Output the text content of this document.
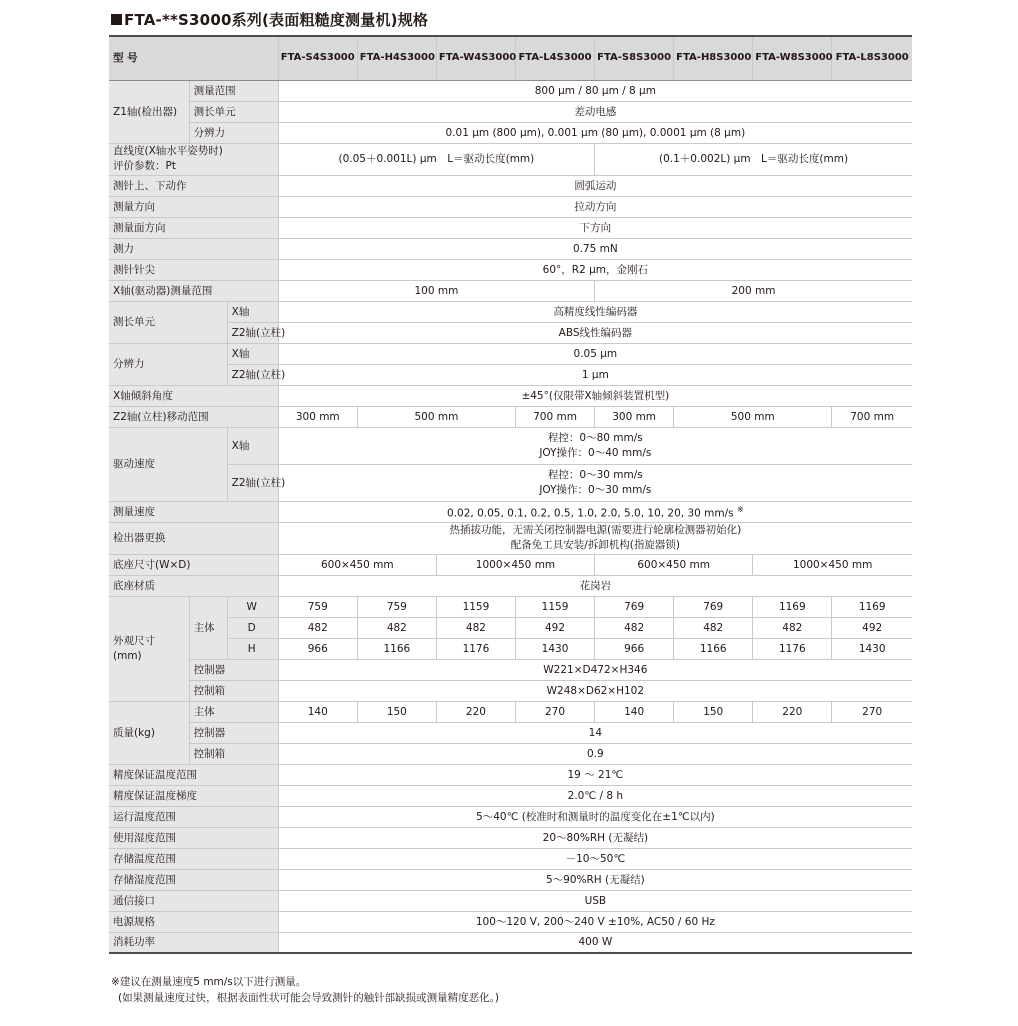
FTA-**S3000系列(表面粗糙度测量机)规格
型 号			FTA-S4S3000	FTA-H4S3000	FTA-W4S3000	FTA-L4S3000	FTA-S8S3000	FTA-H8S3000	FTA-W8S3000	FTA-L8S3000
Z1轴(检出器)	测量范围		800 μm / 80 μm / 8 μm							
	测长单元		差动电感							
	分辨力		0.01 μm (800 μm), 0.001 μm (80 μm), 0.0001 μm (8 μm)							

直线度(X轴水平姿势时)
评价参数：Pt			(0.05＋0.001L) μm　L＝驱动长度(mm)				(0.1＋0.002L) μm　L＝驱动长度(mm)			
测针上、下动作			圆弧运动							
测量方向			拉动方向							
测量面方向			下方向							
测力			0.75 mN							
测针针尖			60°，R2 μm，金刚石							
X轴(驱动器)测量范围			100 mm				200 mm			
测长单元		X轴	高精度线性编码器							
		Z2轴(立柱)	ABS线性编码器							
分辨力		X轴	0.05 μm							
		Z2轴(立柱)	1 μm							
X轴倾斜角度			±45°(仅限带X轴倾斜装置机型)							
Z2轴(立柱)移动范围			300 mm	500 mm		700 mm	300 mm	500 mm		700 mm
驱动速度		X轴	程控：0～80 mm/s
JOY操作：0～40 mm/s							

		Z2轴(立柱)	程控：0～30 mm/s
JOY操作：0～30 mm/s							

测量速度			0.02, 0.05, 0.1, 0.2, 0.5, 1.0, 2.0, 5.0, 10, 20, 30 mm/s ※
检出器更换			热插拔功能，无需关闭控制器电源(需要进行轮廓检测器初始化)
配备免工具安装/拆卸机构(指旋器锁)							

底座尺寸(W×D)			600×450 mm		1000×450 mm		600×450 mm		1000×450 mm	
底座材质			花岗岩							

外观尺寸
(mm)	主体	W	759	759	1159	1159	769	769	1169	1169
		D	482	482	482	492	482	482	482	492
		H	966	1166	1176	1430	966	1166	1176	1430
	控制器		W221×D472×H346							
	控制箱		W248×D62×H102							
质量(kg)	主体		140	150	220	270	140	150	220	270
	控制器		14							
	控制箱		0.9							
精度保证温度范围			19 ～ 21℃							
精度保证温度梯度			2.0℃ / 8 h							
运行温度范围			5～40℃ (校准时和测量时的温度变化在±1℃以内)							
使用湿度范围			20～80%RH (无凝结)							
存储温度范围			－10～50℃							
存储湿度范围			5～90%RH (无凝结)							
通信接口			USB							
电源规格			100～120 V, 200～240 V ±10%, AC50 / 60 Hz							
消耗功率			400 W							
※建议在测量速度5 mm/s以下进行测量。
(如果测量速度过快，根据表面性状可能会导致测针的触针部缺损或测量精度恶化。)
